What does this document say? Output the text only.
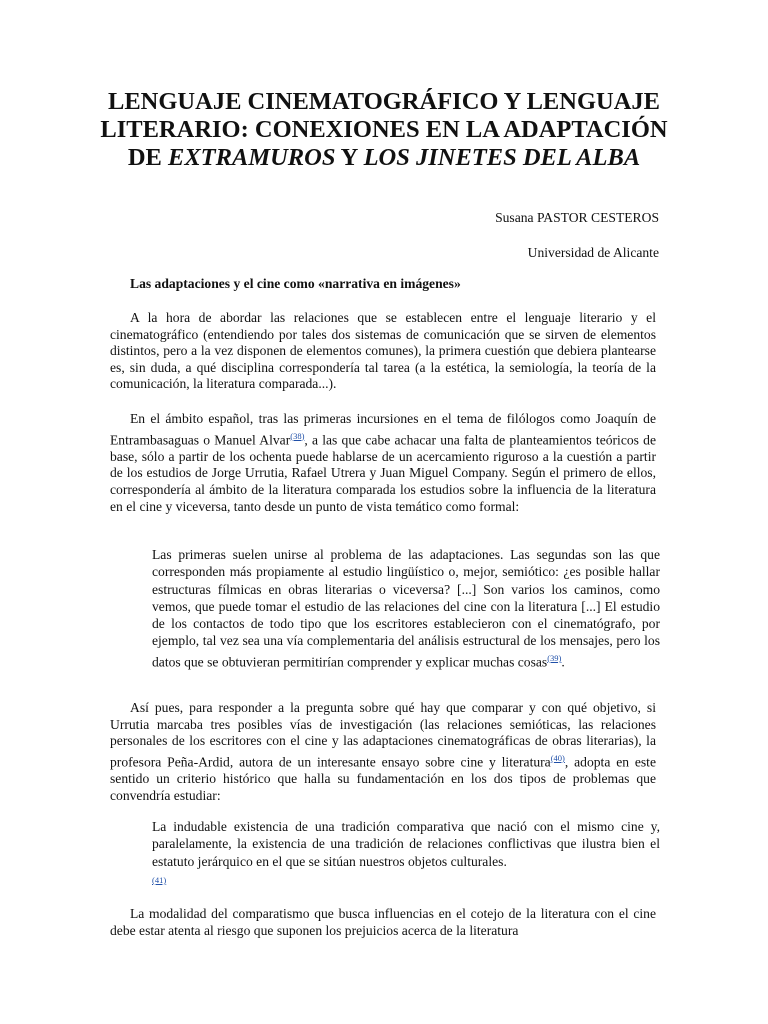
LENGUAJE CINEMATOGRÁFICO Y LENGUAJE LITERARIO: CONEXIONES EN LA ADAPTACIÓN DE EXTRAMUROS Y LOS JINETES DEL ALBA
Susana PASTOR CESTEROS
Universidad de Alicante
Las adaptaciones y el cine como «narrativa en imágenes»

A la hora de abordar las relaciones que se establecen entre el lenguaje literario y el cinematográfico (entendiendo por tales dos sistemas de comunicación que se sirven de elementos distintos, pero a la vez disponen de elementos comunes), la primera cuestión que debiera plantearse es, sin duda, a qué disciplina correspondería tal tarea (a la estética, la semiología, la teoría de la comunicación, la literatura comparada...).

En el ámbito español, tras las primeras incursiones en el tema de filólogos como Joaquín de Entrambasaguas o Manuel Alvar$^{(38)}$, a las que cabe achacar una falta de planteamientos teóricos de base, sólo a partir de los ochenta puede hablarse de un acercamiento riguroso a la cuestión a partir de los estudios de Jorge Urrutia, Rafael Utrera y Juan Miguel Company. Según el primero de ellos, correspondería al ámbito de la literatura comparada los estudios sobre la influencia de la literatura en el cine y viceversa, tanto desde un punto de vista temático como formal:

Las primeras suelen unirse al problema de las adaptaciones. Las segundas son las que corresponden más propiamente al estudio lingüístico o, mejor, semiótico: ¿es posible hallar estructuras fílmicas en obras literarias o viceversa? [...] Son varios los caminos, como vemos, que puede tomar el estudio de las relaciones del cine con la literatura [...] El estudio de los contactos de todo tipo que los escritores establecieron con el cinematógrafo, por ejemplo, tal vez sea una vía complementaria del análisis estructural de los mensajes, pero los datos que se obtuvieran permitirían comprender y explicar muchas cosas$^{(39)}$.

Así pues, para responder a la pregunta sobre qué hay que comparar y con qué objetivo, si Urrutia marcaba tres posibles vías de investigación (las relaciones semióticas, las relaciones personales de los escritores con el cine y las adaptaciones cinematográficas de obras literarias), la profesora Peña-Ardid, autora de un interesante ensayo sobre cine y literatura$^{(40)}$, adopta en este sentido un criterio histórico que halla su fundamentación en los dos tipos de problemas que convendría estudiar:

La indudable existencia de una tradición comparativa que nació con el mismo cine y, paralelamente, la existencia de una tradición de relaciones conflictivas que ilustra bien el estatuto jerárquico en el que se sitúan nuestros objetos culturales.
(41)

La modalidad del comparatismo que busca influencias en el cotejo de la literatura con el cine debe estar atenta al riesgo que suponen los prejuicios acerca de la literatura
